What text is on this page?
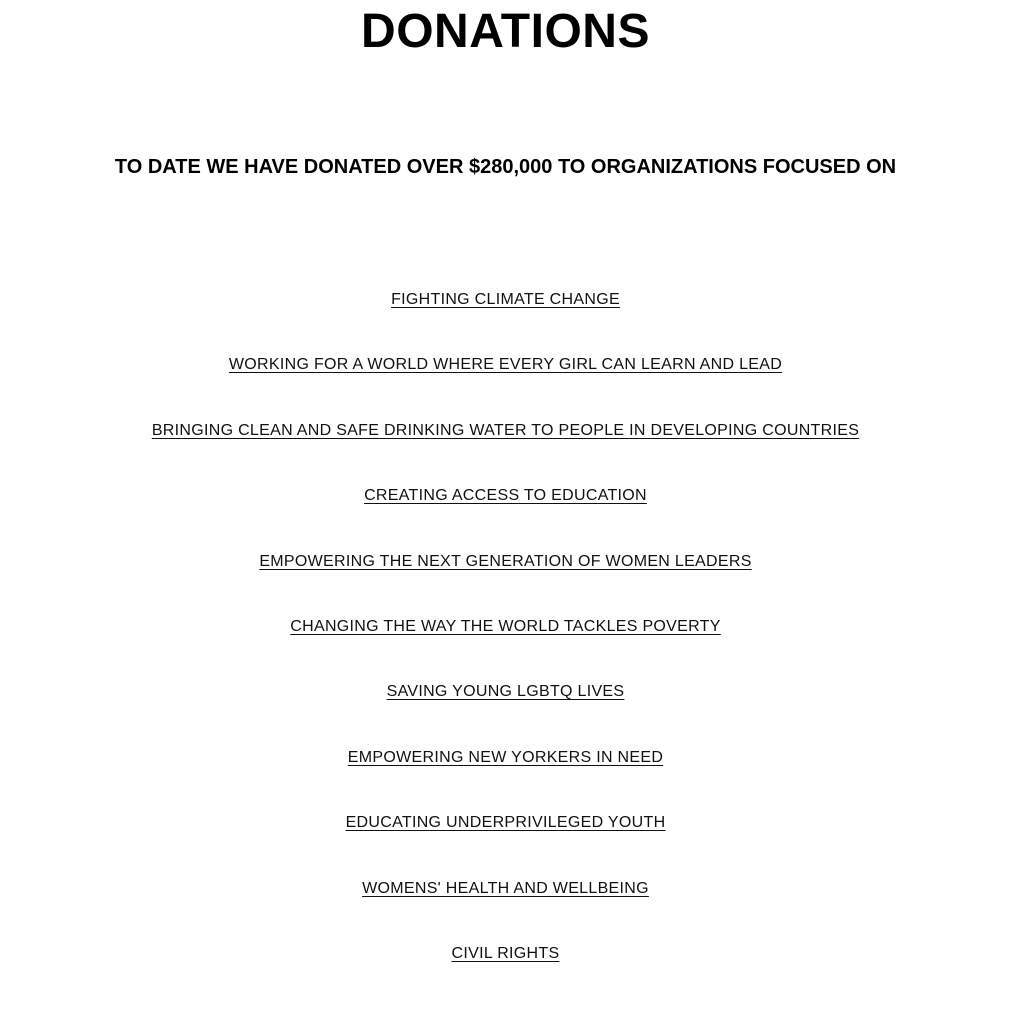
DONATIONS

TO DATE WE HAVE DONATED OVER $280,000 TO ORGANIZATIONS FOCUSED ON

FIGHTING CLIMATE CHANGE
WORKING FOR A WORLD WHERE EVERY GIRL CAN LEARN AND LEAD
BRINGING CLEAN AND SAFE DRINKING WATER TO PEOPLE IN DEVELOPING COUNTRIES
CREATING ACCESS TO EDUCATION
EMPOWERING THE NEXT GENERATION OF WOMEN LEADERS
CHANGING THE WAY THE WORLD TACKLES POVERTY
SAVING YOUNG LGBTQ LIVES
EMPOWERING NEW YORKERS IN NEED
EDUCATING UNDERPRIVILEGED YOUTH
WOMENS' HEALTH AND WELLBEING
CIVIL RIGHTS
